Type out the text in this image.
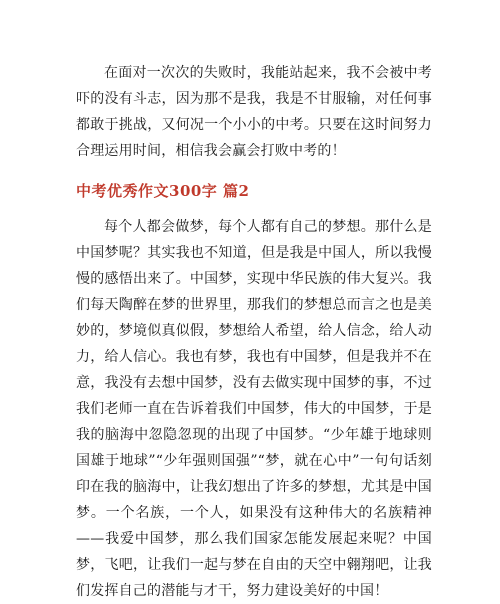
在面对一次次的失败时，我能站起来，我不会被中考吓的没有斗志，因为那不是我，我是不甘服输，对任何事都敢于挑战，又何况一个小小的中考。只要在这时间努力合理运用时间，相信我会赢会打败中考的！

中考优秀作文300字 篇2

每个人都会做梦，每个人都有自己的梦想。那什么是中国梦呢？其实我也不知道，但是我是中国人，所以我慢慢的感悟出来了。中国梦，实现中华民族的伟大复兴。我们每天陶醉在梦的世界里，那我们的梦想总而言之也是美妙的，梦境似真似假，梦想给人希望，给人信念，给人动力，给人信心。我也有梦，我也有中国梦，但是我并不在意，我没有去想中国梦，没有去做实现中国梦的事，不过我们老师一直在告诉着我们中国梦，伟大的中国梦，于是我的脑海中忽隐忽现的出现了中国梦。“少年雄于地球则国雄于地球”“少年强则国强”“梦，就在心中”一句句话刻印在我的脑海中，让我幻想出了许多的梦想，尤其是中国梦。一个名族，一个人，如果没有这种伟大的名族精神——我爱中国梦，那么我们国家怎能发展起来呢？中国梦，飞吧，让我们一起与梦在自由的天空中翱翔吧，让我们发挥自己的潜能与才干，努力建设美好的中国！
